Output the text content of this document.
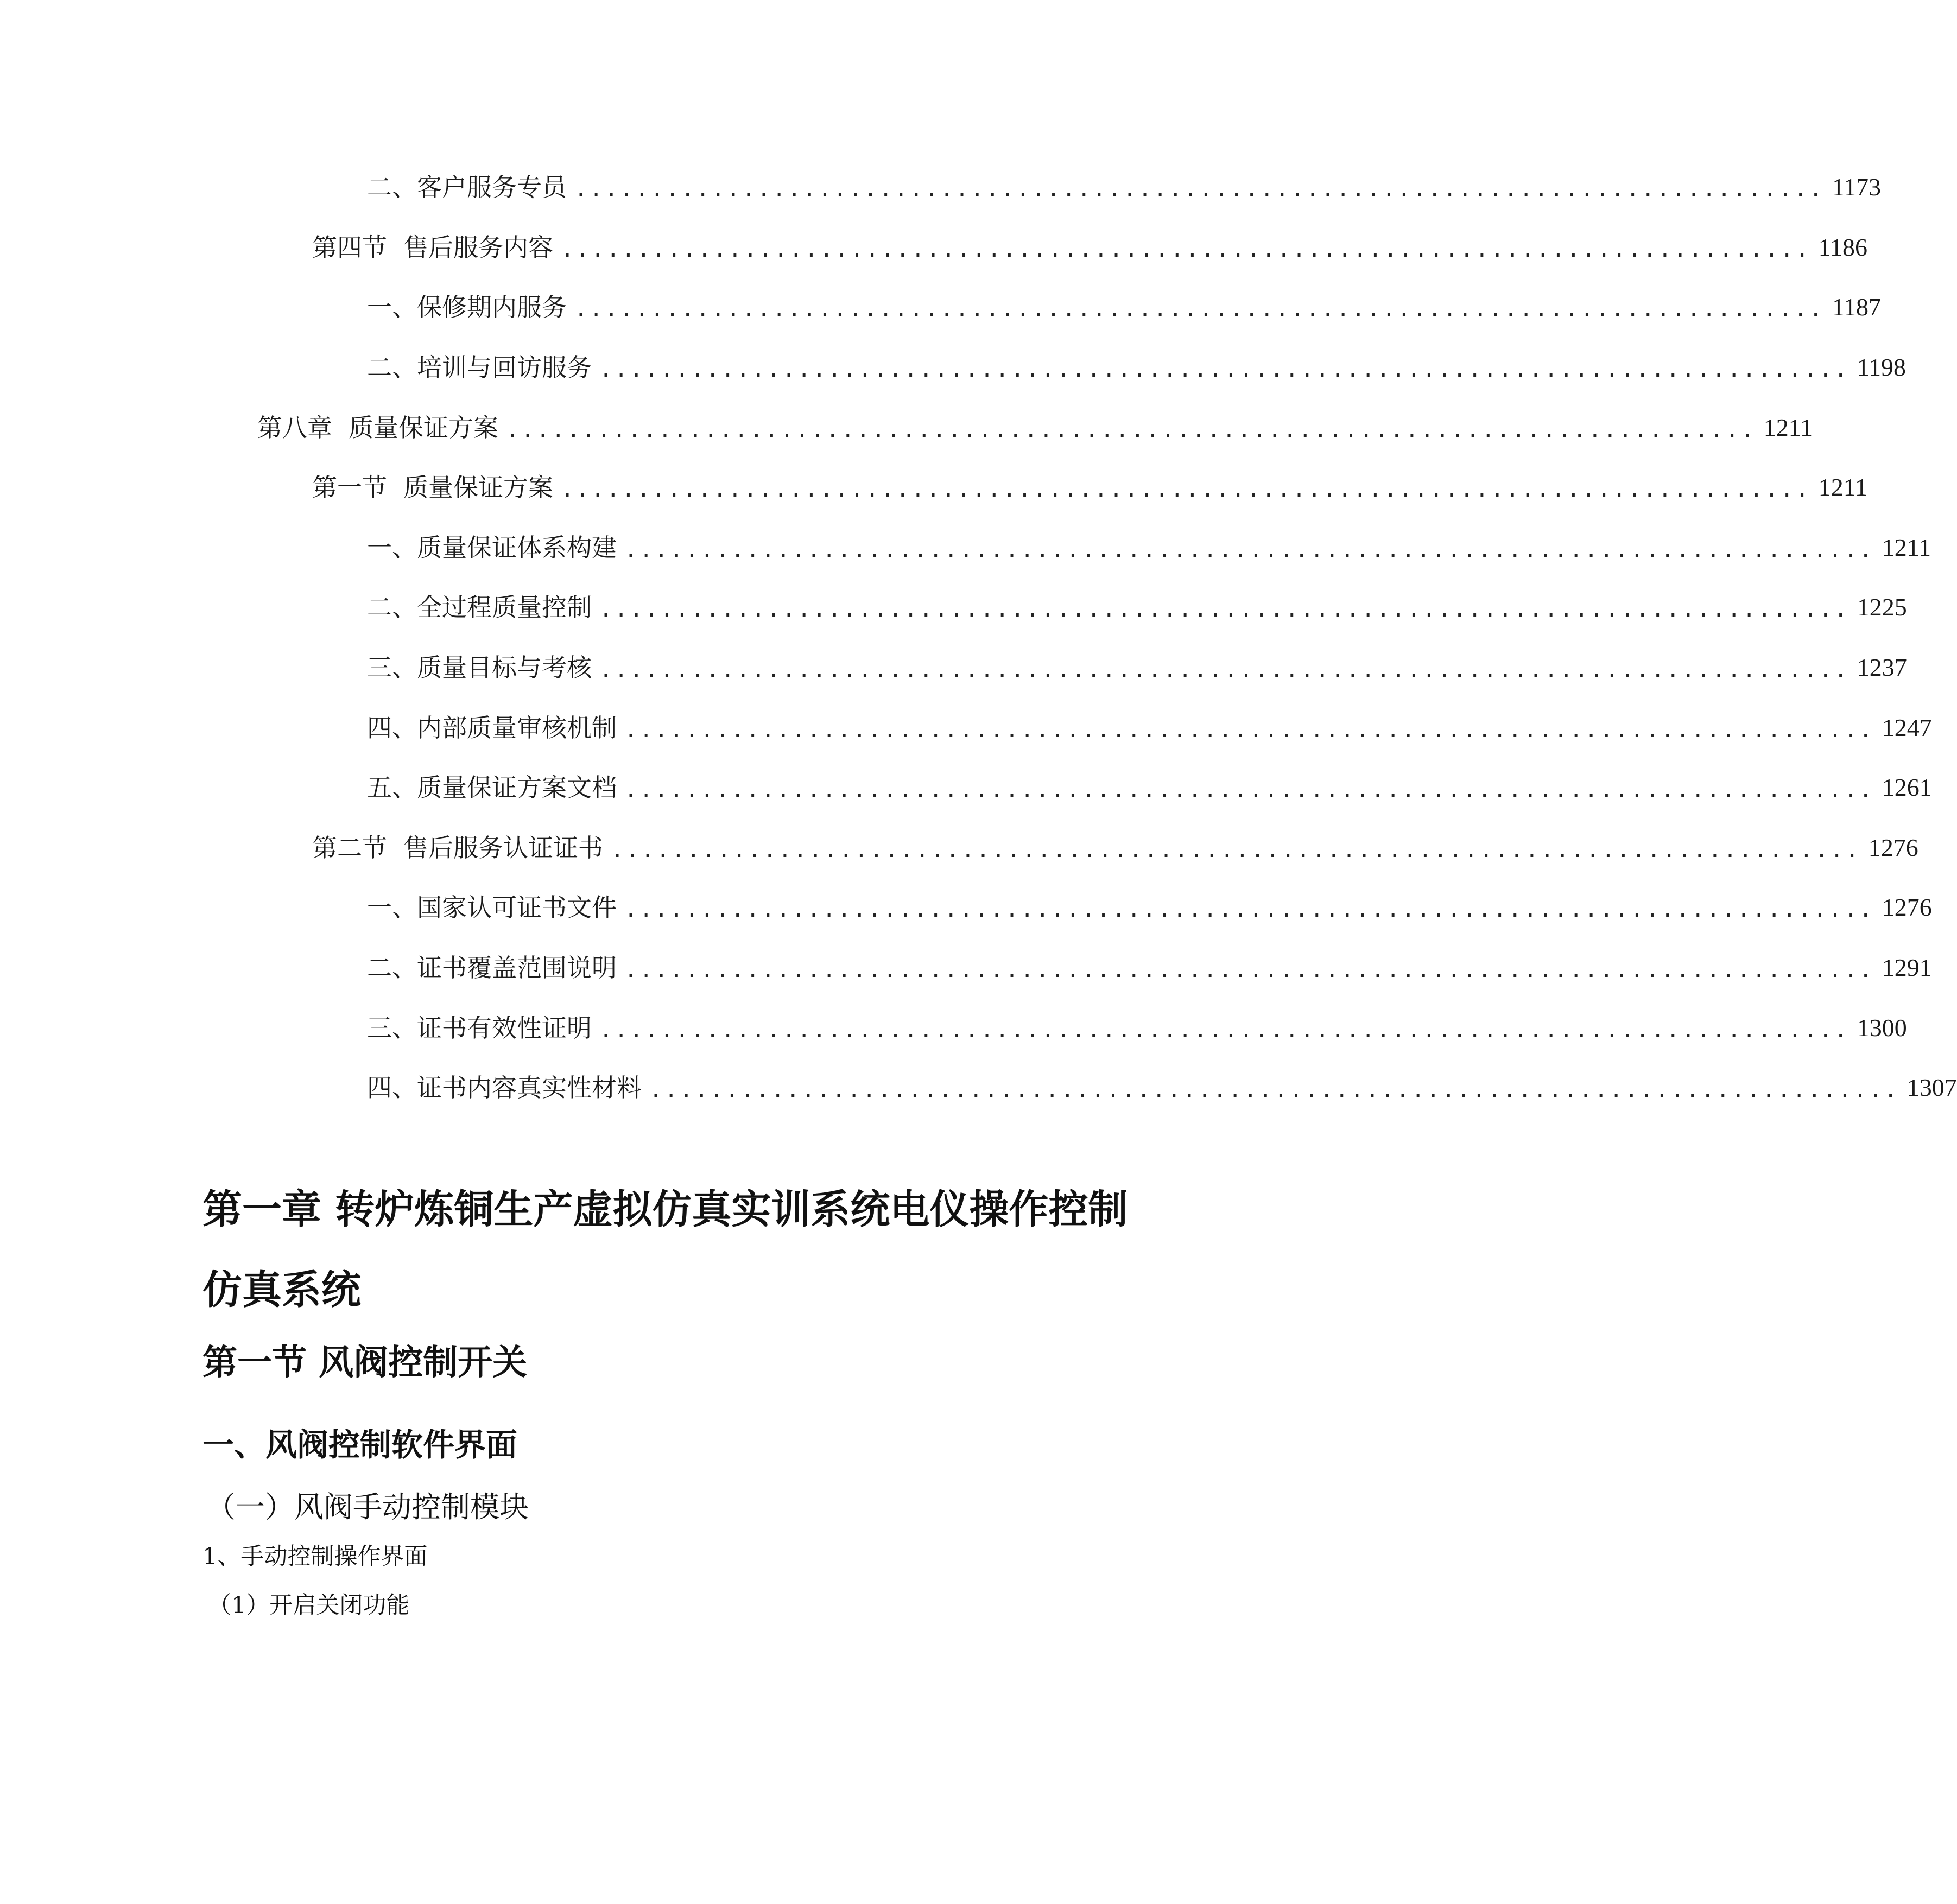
二、 客户服务专员 .................................................................................. 1173
第四节 售后服务内容 .................................................................................. 1186
一、 保修期内服务 .................................................................................. 1187
二、 培训与回访服务 .................................................................................. 1198
第八章 质量保证方案 .................................................................................. 1211
第一节 质量保证方案 .................................................................................. 1211
一、 质量保证体系构建 .................................................................................. 1211
二、 全过程质量控制 .................................................................................. 1225
三、 质量目标与考核 .................................................................................. 1237
四、 内部质量审核机制 .................................................................................. 1247
五、 质量保证方案文档 .................................................................................. 1261
第二节 售后服务认证证书 .................................................................................. 1276
一、 国家认可证书文件 .................................................................................. 1276
二、 证书覆盖范围说明 .................................................................................. 1291
三、 证书有效性证明 .................................................................................. 1300
四、 证书内容真实性材料 .................................................................................. 1307
第一章 转炉炼铜生产虚拟仿真实训系统电仪操作控制仿真系统
第一节 风阀控制开关
一、风阀控制软件界面
（一）风阀手动控制模块
1、手动控制操作界面
（1）开启关闭功能
